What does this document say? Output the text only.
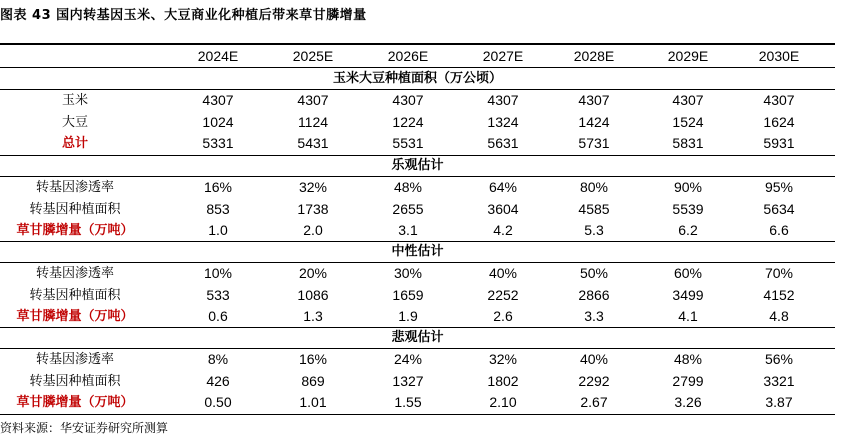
图表 43 国内转基因玉米、大豆商业化种植后带来草甘膦增量
2024E	2025E	2026E	2027E	2028E	2029E	2030E
玉米大豆种植面积（万公顷）
玉米	4307	4307	4307	4307	4307	4307	4307
大豆	1024	1124	1224	1324	1424	1524	1624
总计	5331	5431	5531	5631	5731	5831	5931
乐观估计
转基因渗透率	16%	32%	48%	64%	80%	90%	95%
转基因种植面积	853	1738	2655	3604	4585	5539	5634
草甘膦增量（万吨）	1.0	2.0	3.1	4.2	5.3	6.2	6.6
中性估计
转基因渗透率	10%	20%	30%	40%	50%	60%	70%
转基因种植面积	533	1086	1659	2252	2866	3499	4152
草甘膦增量（万吨）	0.6	1.3	1.9	2.6	3.3	4.1	4.8
悲观估计
转基因渗透率	8%	16%	24%	32%	40%	48%	56%
转基因种植面积	426	869	1327	1802	2292	2799	3321
草甘膦增量（万吨）	0.50	1.01	1.55	2.10	2.67	3.26	3.87
资料来源：华安证券研究所测算
